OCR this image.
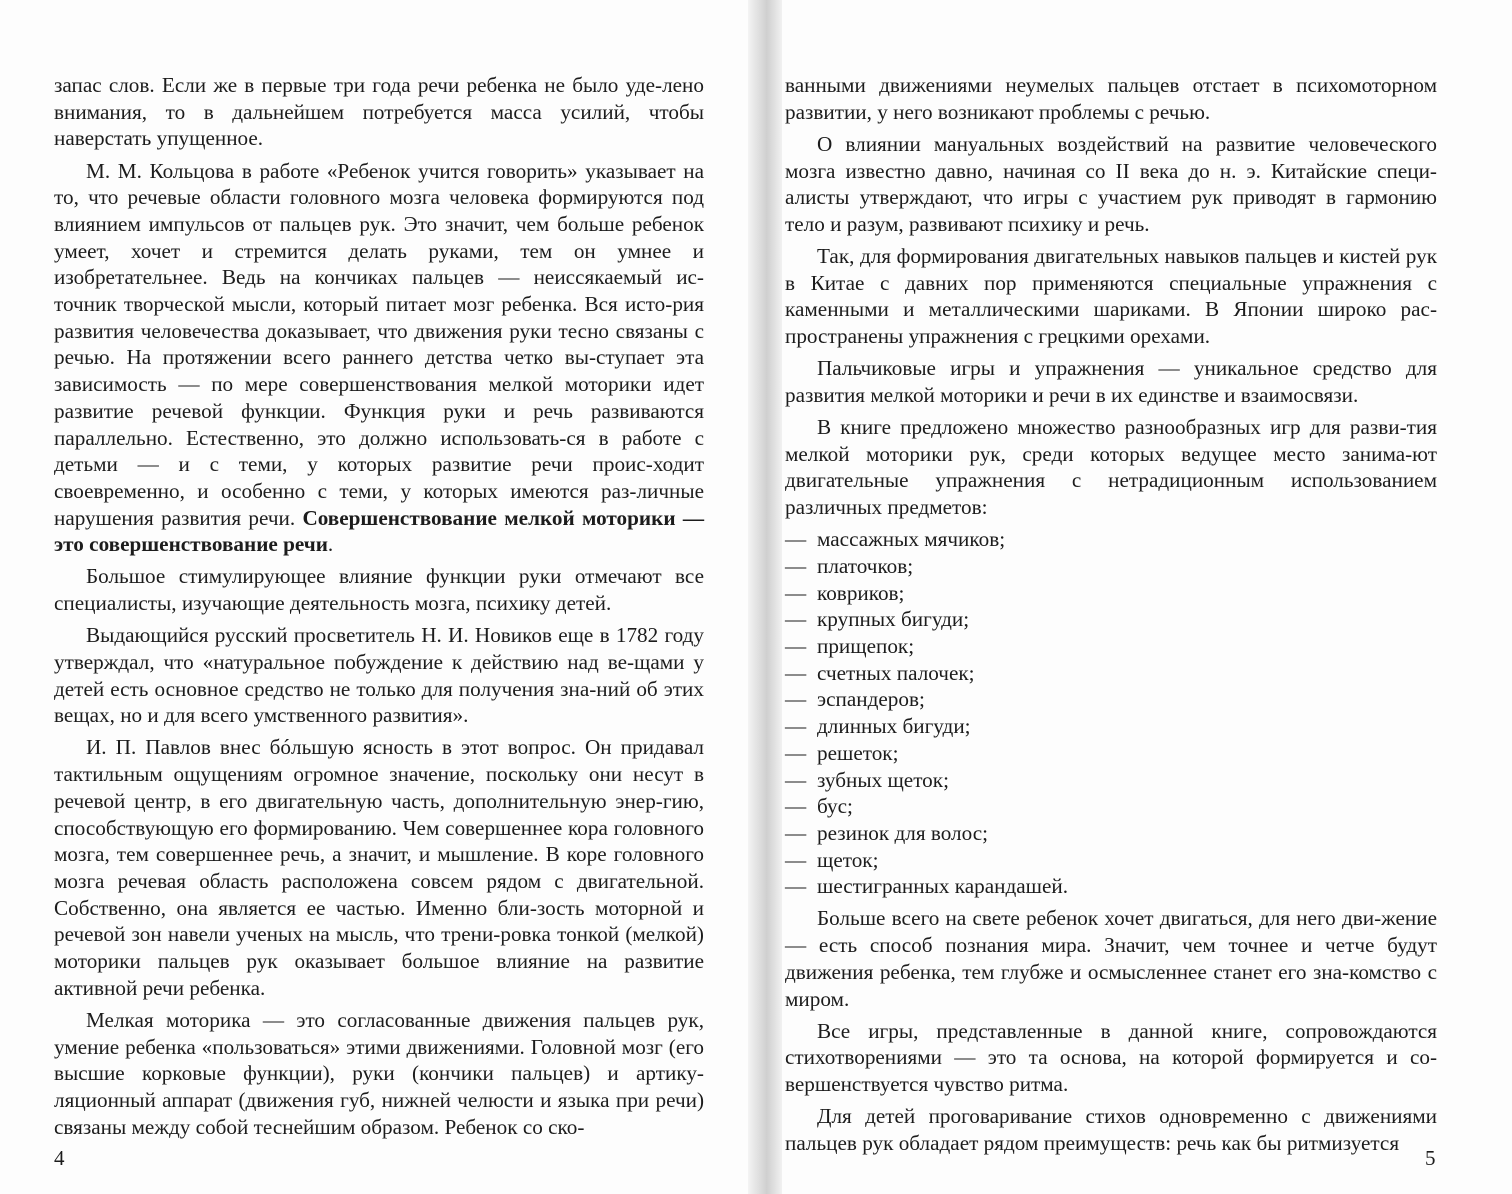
запас слов. Если же в первые три года речи ребенка не было уде-лено внимания, то в дальнейшем потребуется масса усилий, чтобы наверстать упущенное.

М. М. Кольцова в работе «Ребенок учится говорить» указывает на то, что речевые области головного мозга человека формируются под влиянием импульсов от пальцев рук. Это значит, чем больше ребенок умеет, хочет и стремится делать руками, тем он умнее и изобретательнее. Ведь на кончиках пальцев — неиссякаемый ис-точник творческой мысли, который питает мозг ребенка. Вся исто-рия развития человечества доказывает, что движения руки тесно связаны с речью. На протяжении всего раннего детства четко вы-ступает эта зависимость — по мере совершенствования мелкой моторики идет развитие речевой функции. Функция руки и речь развиваются параллельно. Естественно, это должно использовать-ся в работе с детьми — и с теми, у которых развитие речи проис-ходит своевременно, и особенно с теми, у которых имеются раз-личные нарушения развития речи. Совершенствование мелкой моторики — это совершенствование речи.

Большое стимулирующее влияние функции руки отмечают все специалисты, изучающие деятельность мозга, психику детей.

Выдающийся русский просветитель Н. И. Новиков еще в 1782 году утверждал, что «натуральное побуждение к действию над ве-щами у детей есть основное средство не только для получения зна-ний об этих вещах, но и для всего умственного развития».

И. П. Павлов внес бóльшую ясность в этот вопрос. Он придавал тактильным ощущениям огромное значение, поскольку они несут в речевой центр, в его двигательную часть, дополнительную энер-гию, способствующую его формированию. Чем совершеннее кора головного мозга, тем совершеннее речь, а значит, и мышление. В коре головного мозга речевая область расположена совсем рядом с двигательной. Собственно, она является ее частью. Именно бли-зость моторной и речевой зон навели ученых на мысль, что трени-ровка тонкой (мелкой) моторики пальцев рук оказывает большое влияние на развитие активной речи ребенка.

Мелкая моторика — это согласованные движения пальцев рук, умение ребенка «пользоваться» этими движениями. Головной мозг (его высшие корковые функции), руки (кончики пальцев) и артику-ляционный аппарат (движения губ, нижней челюсти и языка при речи) связаны между собой теснейшим образом. Ребенок со ско-

4

ванными движениями неумелых пальцев отстает в психомоторном развитии, у него возникают проблемы с речью.

О влиянии мануальных воздействий на развитие человеческого мозга известно давно, начиная со II века до н. э. Китайские специ-алисты утверждают, что игры с участием рук приводят в гармонию тело и разум, развивают психику и речь.

Так, для формирования двигательных навыков пальцев и кистей рук в Китае с давних пор применяются специальные упражнения с каменными и металлическими шариками. В Японии широко рас-пространены упражнения с грецкими орехами.

Пальчиковые игры и упражнения — уникальное средство для развития мелкой моторики и речи в их единстве и взаимосвязи.

В книге предложено множество разнообразных игр для разви-тия мелкой моторики рук, среди которых ведущее место занима-ют двигательные упражнения с нетрадиционным использованием различных предметов:

— массажных мячиков;
— платочков;
— ковриков;
— крупных бигуди;
— прищепок;
— счетных палочек;
— эспандеров;
— длинных бигуди;
— решеток;
— зубных щеток;
— бус;
— резинок для волос;
— щеток;
— шестигранных карандашей.

Больше всего на свете ребенок хочет двигаться, для него дви-жение — есть способ познания мира. Значит, чем точнее и четче будут движения ребенка, тем глубже и осмысленнее станет его зна-комство с миром.

Все игры, представленные в данной книге, сопровождаются стихотворениями — это та основа, на которой формируется и со-вершенствуется чувство ритма.

Для детей проговаривание стихов одновременно с движениями пальцев рук обладает рядом преимуществ: речь как бы ритмизуется

5
